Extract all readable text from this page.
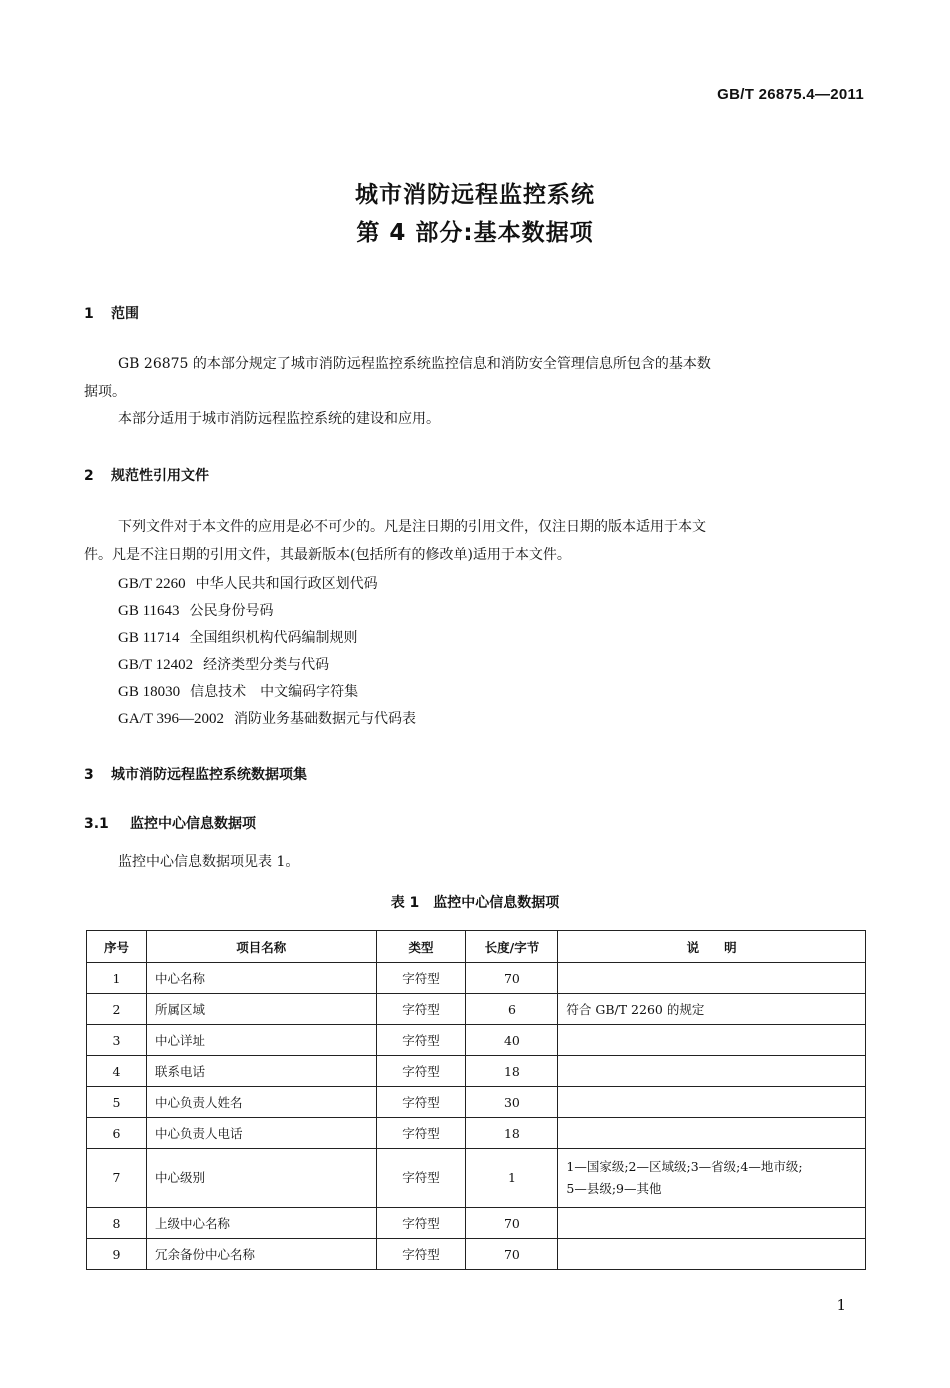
GB/T 26875.4—2011
城市消防远程监控系统
第 4 部分:基本数据项
1 范围
GB 26875 的本部分规定了城市消防远程监控系统监控信息和消防安全管理信息所包含的基本数
据项。
本部分适用于城市消防远程监控系统的建设和应用。
2 规范性引用文件
下列文件对于本文件的应用是必不可少的。凡是注日期的引用文件，仅注日期的版本适用于本文
件。凡是不注日期的引用文件，其最新版本(包括所有的修改单)适用于本文件。
GB/T 2260 中华人民共和国行政区划代码
GB 11643 公民身份号码
GB 11714 全国组织机构代码编制规则
GB/T 12402 经济类型分类与代码
GB 18030 信息技术　中文编码字符集
GA/T 396—2002 消防业务基础数据元与代码表
3 城市消防远程监控系统数据项集
3.1 监控中心信息数据项
监控中心信息数据项见表 1。
表 1　监控中心信息数据项
序号	项目名称	类型	长度/字节	说　　明
1	中心名称	字符型	70	
2	所属区域	字符型	6	符合 GB/T 2260 的规定
3	中心详址	字符型	40	
4	联系电话	字符型	18	
5	中心负责人姓名	字符型	30	
6	中心负责人电话	字符型	18	
7	中心级别	字符型	1	1—国家级;2—区域级;3—省级;4—地市级;
5—县级;9—其他

8	上级中心名称	字符型	70	
9	冗余备份中心名称	字符型	70	
1
